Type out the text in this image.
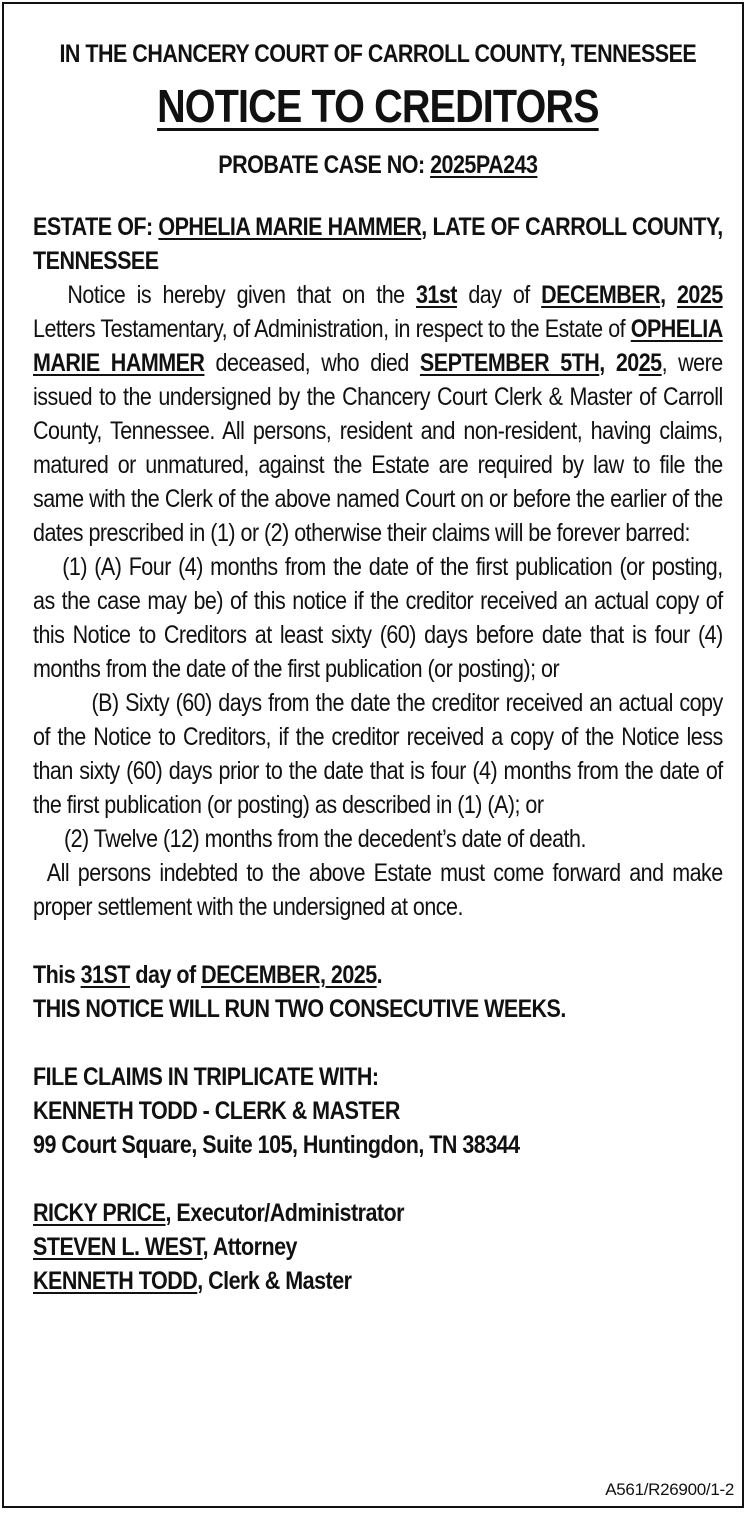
IN THE CHANCERY COURT OF CARROLL COUNTY, TENNESSEE
NOTICE TO CREDITORS
PROBATE CASE NO: 2025PA243
ESTATE OF: OPHELIA MARIE HAMMER, LATE OF CARROLL COUNTY, TENNESSEE
Notice is hereby given that on the 31st day of DECEMBER, 2025 Letters Testamentary, of Administration, in respect to the Estate of OPHELIA MARIE HAMMER deceased, who died SEPTEMBER 5TH, 2025, were issued to the undersigned by the Chancery Court Clerk & Master of Carroll County, Tennessee. All persons, resident and non-resident, having claims, matured or unmatured, against the Estate are required by law to file the same with the Clerk of the above named Court on or before the earlier of the dates prescribed in (1) or (2) otherwise their claims will be forever barred:
(1) (A) Four (4) months from the date of the first publication (or posting, as the case may be) of this notice if the creditor received an actual copy of this Notice to Creditors at least sixty (60) days before date that is four (4) months from the date of the first publication (or posting); or
(B) Sixty (60) days from the date the creditor received an actual copy of the Notice to Creditors, if the creditor received a copy of the Notice less than sixty (60) days prior to the date that is four (4) months from the date of the first publication (or posting) as described in (1) (A); or
(2) Twelve (12) months from the decedent’s date of death.
All persons indebted to the above Estate must come forward and make proper settlement with the undersigned at once.
This 31ST day of DECEMBER, 2025.
THIS NOTICE WILL RUN TWO CONSECUTIVE WEEKS.
FILE CLAIMS IN TRIPLICATE WITH:
KENNETH TODD - CLERK & MASTER
99 Court Square, Suite 105, Huntingdon, TN 38344
RICKY PRICE, Executor/Administrator
STEVEN L. WEST, Attorney
KENNETH TODD, Clerk & Master
A561/R26900/1-2
